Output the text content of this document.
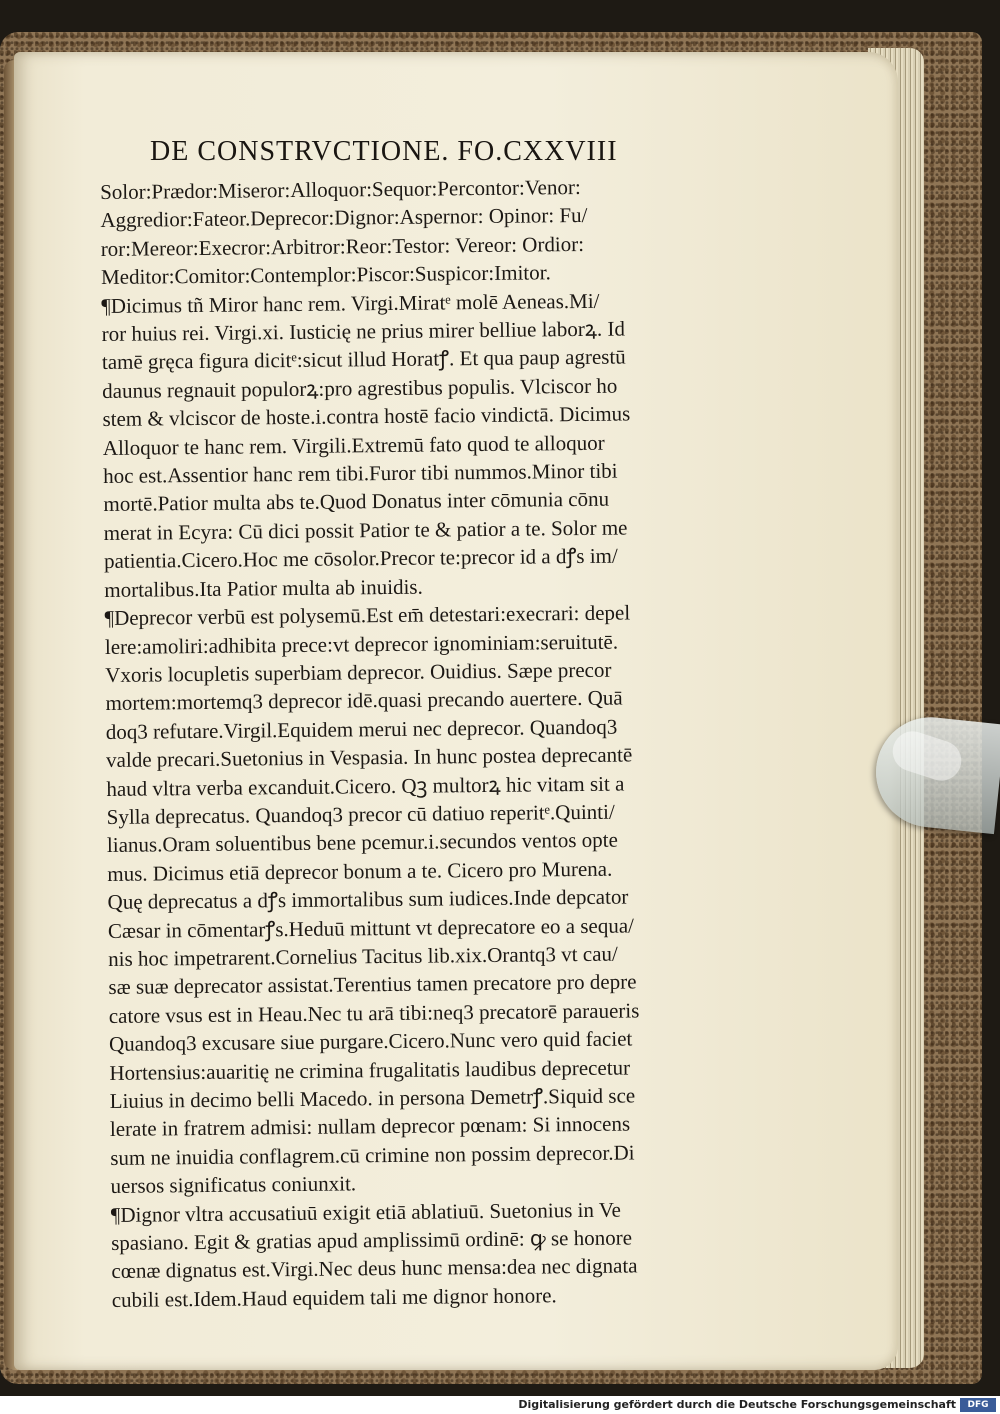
DE CONSTRVCTIONE. FO.CXXVIII
Solor:Prædor:Miseror:Alloquor:Sequor:Percontor:Venor:
Aggredior:Fateor.Deprecor:Dignor:Aspernor: Opinor: Fu/
ror:Mereor:Execror:Arbitror:Reor:Testor: Vereor: Ordior:
Meditor:Comitor:Contemplor:Piscor:Suspicor:Imitor.
¶Dicimus tñ Miror hanc rem. Virgi.Miratᵉ molē Aeneas.Mi/
ror huius rei. Virgi.xi. Iusticię ne prius mirer belliue laborꝝ. Id
tamē gręca figura dicitᵉ:sicut illud Horatꝭ. Et qua paup agrestū
daunus regnauit populorꝝ:pro agrestibus populis. Vlciscor ho
stem & vlciscor de hoste.i.contra hostē facio vindictā. Dicimus
Alloquor te hanc rem. Virgili.Extremū fato quod te alloquor
hoc est.Assentior hanc rem tibi.Furor tibi nummos.Minor tibi
mortē.Patior multa abs te.Quod Donatus inter cōmunia cōnu
merat in Ecyra: Cū dici possit Patior te & patior a te. Solor me
patientia.Cicero.Hoc me cōsolor.Precor te:precor id a dꝭs im/
mortalibus.Ita Patior multa ab inuidis.
¶Deprecor verbū est polysemū.Est em̄ detestari:execrari: depel
lere:amoliri:adhibita prece:vt deprecor ignominiam:seruitutē.
Vxoris locupletis superbiam deprecor. Ouidius. Sæpe precor
mortem:mortemq3 deprecor idē.quasi precando auertere. Quā
doq3 refutare.Virgil.Equidem merui nec deprecor. Quandoq3
valde precari.Suetonius in Vespasia. In hunc postea deprecantē
haud vltra verba excanduit.Cicero. Qꝫ multorꝝ hic vitam sit a
Sylla deprecatus. Quandoq3 precor cū datiuo reperitᵉ.Quinti/
lianus.Oram soluentibus bene pcemur.i.secundos ventos opte
mus. Dicimus etiā deprecor bonum a te. Cicero pro Murena.
Quę deprecatus a dꝭs immortalibus sum iudices.Inde depcator
Cæsar in cōmentarꝭs.Heduū mittunt vt deprecatore eo a sequa/
nis hoc impetrarent.Cornelius Tacitus lib.xix.Orantq3 vt cau/
sæ suæ deprecator assistat.Terentius tamen precatore pro depre
catore vsus est in Heau.Nec tu arā tibi:neq3 precatorē paraueris
Quandoq3 excusare siue purgare.Cicero.Nunc vero quid faciet
Hortensius:auaritię ne crimina frugalitatis laudibus deprecetur
Liuius in decimo belli Macedo. in persona Demetrꝭ.Siquid sce
lerate in fratrem admisi: nullam deprecor pœnam: Si innocens
sum ne inuidia conflagrem.cū crimine non possim deprecor.Di
uersos significatus coniunxit.
¶Dignor vltra accusatiuū exigit etiā ablatiuū. Suetonius in Ve
spasiano. Egit & gratias apud amplissimū ordinē: ꝙ se honore
cœnæ dignatus est.Virgi.Nec deus hunc mensa:dea nec dignata
cubili est.Idem.Haud equidem tali me dignor honore.
Digitalisierung gefördert durch die Deutsche Forschungsgemeinschaft	DFG
